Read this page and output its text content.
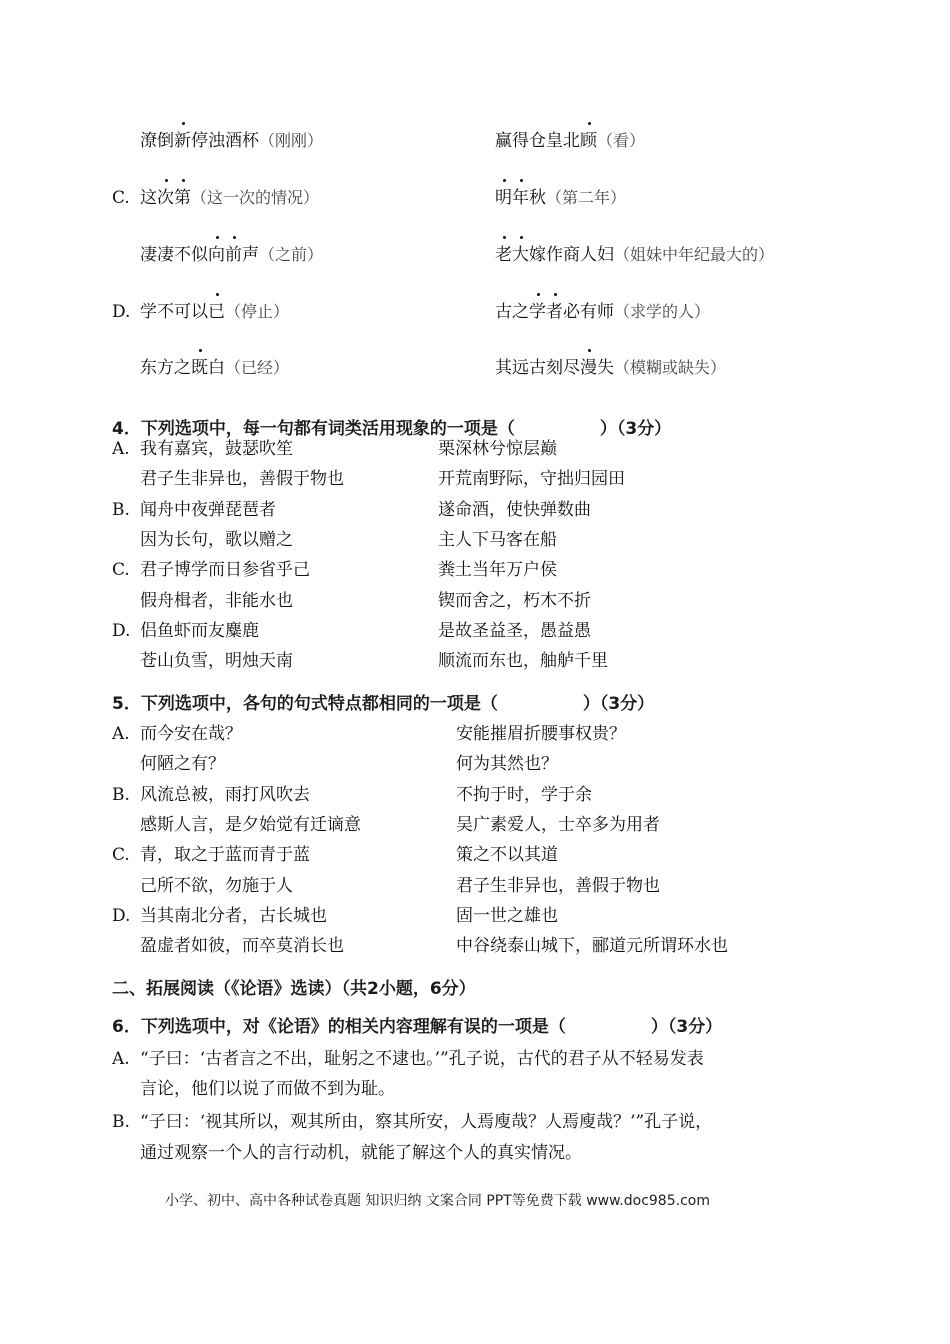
潦倒新停浊酒杯（刚刚）	赢得仓皇北顾（看）
C. 这次第（这一次的情况）	明年秋（第二年）
凄凄不似向前声（之前）	老大嫁作商人妇（姐妹中年纪最大的）
D. 学不可以已（停止）	古之学者必有师（求学的人）
东方之既白（已经）	其远古刻尽漫失（模糊或缺失）
4．下列选项中，每一句都有词类活用现象的一项是（　　　　　）（3分）
A. 我有嘉宾，鼓瑟吹笙	栗深林兮惊层巅
君子生非异也，善假于物也	开荒南野际，守拙归园田
B. 闻舟中夜弹琵琶者	遂命酒，使快弹数曲
因为长句，歌以赠之	主人下马客在船
C. 君子博学而日参省乎己	粪土当年万户侯
假舟楫者，非能水也	锲而舍之，朽木不折
D. 侣鱼虾而友麋鹿	是故圣益圣，愚益愚
苍山负雪，明烛天南	顺流而东也，舳舻千里
5．下列选项中，各句的句式特点都相同的一项是（　　　　　）（3分）
A. 而今安在哉？	安能摧眉折腰事权贵？
何陋之有？	何为其然也？
B. 风流总被，雨打风吹去	不拘于时，学于余
感斯人言，是夕始觉有迁谪意	吴广素爱人，士卒多为用者
C. 青，取之于蓝而青于蓝	策之不以其道
己所不欲，勿施于人	君子生非异也，善假于物也
D. 当其南北分者，古长城也	固一世之雄也
盈虚者如彼，而卒莫消长也	中谷绕泰山城下，郦道元所谓环水也
二、拓展阅读（《论语》选读）（共2小题，6分）
6．下列选项中，对《论语》的相关内容理解有误的一项是（　　　　　）（3分）
A. “子曰：‘古者言之不出，耻躬之不逮也。’”孔子说，古代的君子从不轻易发表
言论，他们以说了而做不到为耻。
B. “子曰：‘视其所以，观其所由，察其所安，人焉廋哉？人焉廋哉？’”孔子说，
通过观察一个人的言行动机，就能了解这个人的真实情况。
小学、初中、高中各种试卷真题 知识归纳 文案合同 PPT等免费下载 www.doc985.com
